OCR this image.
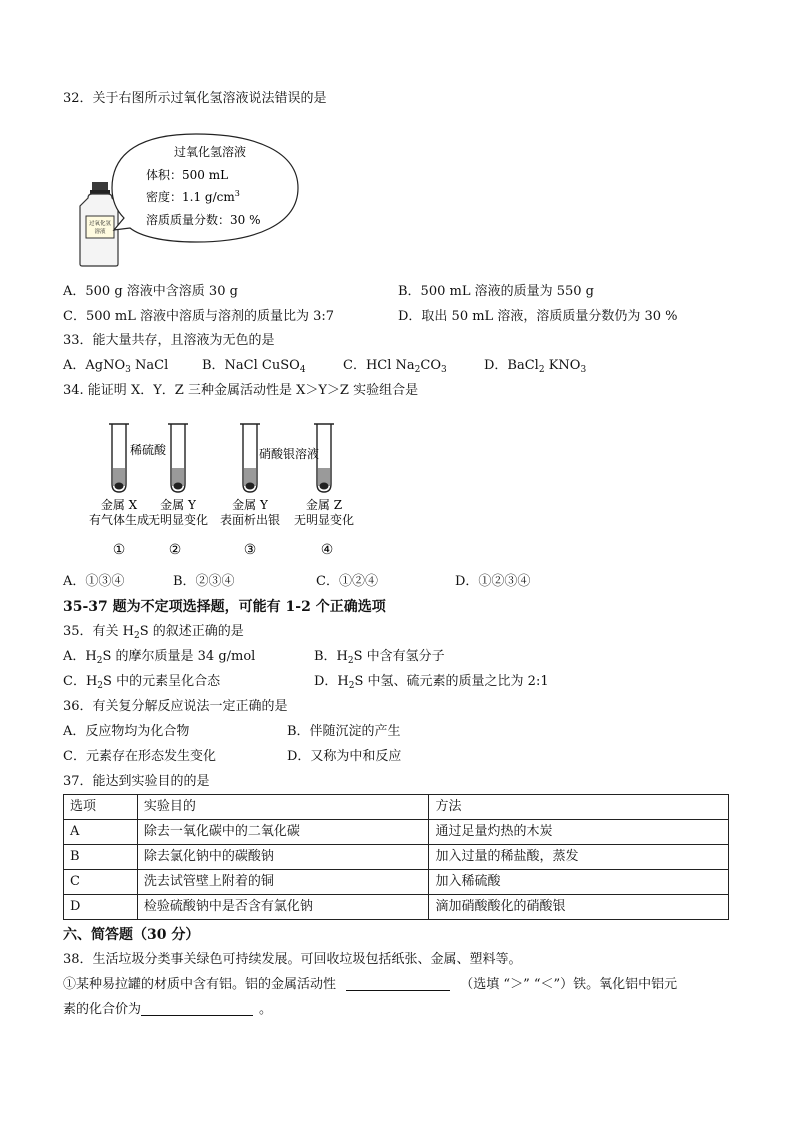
32．关于右图所示过氧化氢溶液说法错误的是
过氧化氢
溶液
过氧化氢溶液
体积：500 mL
密度：1.1 $g/cm^3$
溶质质量分数：30 %
A．500 g 溶液中含溶质 30 g	B．500 mL 溶液的质量为 550 g
C．500 mL 溶液中溶质与溶剂的质量比为 3:7	D．取出 50 mL 溶液，溶质质量分数仍为 30 %
33．能大量共存，且溶液为无色的是
A．AgNO$_3$ NaCl	B．NaCl CuSO$_4$	C．HCl $Na_2CO_3$	D．BaCl$_2$ $KNO_3$
34. 能证明 X．Y．Z 三种金属活动性是 X＞Y＞Z 实验组合是
稀硫酸	硝酸银溶液
金属 X
有气体生成
①
金属 Y
无明显变化
②
金属 Y
表面析出银
③
金属 Z
无明显变化
④
A．①③④	B．②③④	C．①②④	D．①②③④
35-37 题为不定项选择题，可能有 1-2 个正确选项
35．有关 $H_2S$ 的叙述正确的是
A．$H_2S$ 的摩尔质量是 34 g/mol	B．$H_2S$ 中含有氢分子
C．$H_2S$ 中的元素呈化合态	D．$H_2S$ 中氢、硫元素的质量之比为 2:1
36．有关复分解反应说法一定正确的是
A．反应物均为化合物	B．伴随沉淀的产生
C．元素存在形态发生变化	D．又称为中和反应
37．能达到实验目的的是
选项	实验目的	方法
A	除去一氧化碳中的二氧化碳	通过足量灼热的木炭
B	除去氯化钠中的碳酸钠	加入过量的稀盐酸，蒸发
C	洗去试管壁上附着的铜	加入稀硫酸
D	检验硫酸钠中是否含有氯化钠	滴加硝酸酸化的硝酸银
六、简答题（30 分）
38．生活垃圾分类事关绿色可持续发展。可回收垃圾包括纸张、金属、塑料等。
①某种易拉罐的材质中含有铝。铝的金属活动性	（选填 “＞” “＜”）铁。氧化铝中铝元
素的化合价为	。
